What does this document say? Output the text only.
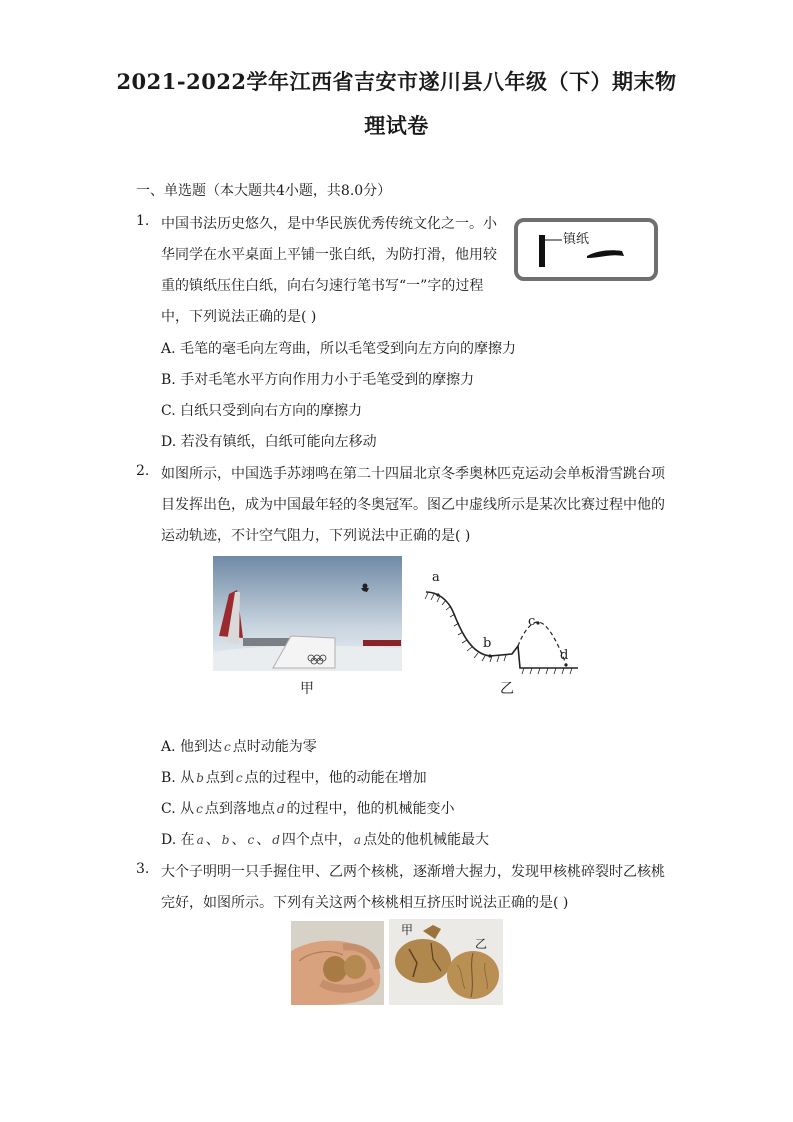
2021-2022学年江西省吉安市遂川县八年级（下）期末物
理试卷
一、单选题（本大题共4小题，共8.0分）
1. 中国书法历史悠久，是中华民族优秀传统文化之一。小
华同学在水平桌面上平铺一张白纸，为防打滑，他用较
重的镇纸压住白纸，向右匀速行笔书写“一”字的过程
中，下列说法正确的是( )
镇纸
A. 毛笔的毫毛向左弯曲，所以毛笔受到向左方向的摩擦力
B. 手对毛笔水平方向作用力小于毛笔受到的摩擦力
C. 白纸只受到向右方向的摩擦力
D. 若没有镇纸，白纸可能向左移动
2. 如图所示，中国选手苏翊鸣在第二十四届北京冬季奥林匹克运动会单板滑雪跳台项
目发挥出色，成为中国最年轻的冬奥冠军。图乙中虚线所示是某次比赛过程中他的
运动轨迹，不计空气阻力，下列说法中正确的是( )
甲
a
b
c
d
乙
A. 他到达 c 点时动能为零
B. 从 b 点到 c 点的过程中，他的动能在增加
C. 从 c 点到落地点 d 的过程中，他的机械能变小
D. 在 a 、 b 、 c 、 d 四个点中， a 点处的他机械能最大
3. 大个子明明一只手握住甲、乙两个核桃，逐渐增大握力，发现甲核桃碎裂时乙核桃
完好，如图所示。下列有关这两个核桃相互挤压时说法正确的是( )
甲
乙
